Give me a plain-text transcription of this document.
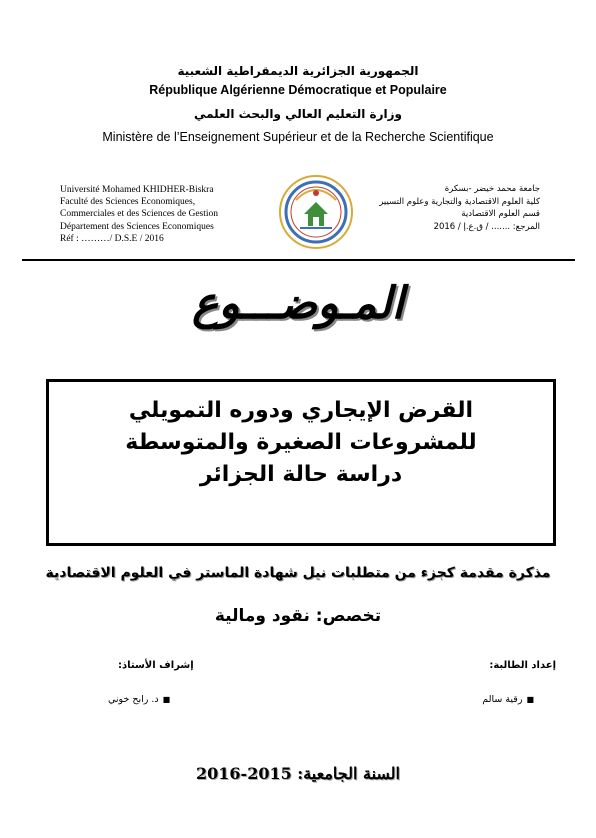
الجمهورية الجزائرية الديمقراطية الشعبية
République Algérienne Démocratique et Populaire
وزارة التعليم العالي والبحث العلمي
Ministère de l’Enseignement Supérieur et de la Recherche Scientifique
Université Mohamed KHIDHER-Biskra
Faculté des Sciences Economiques,
Commerciales et des Sciences de Gestion
Département des Sciences Economiques
Réf : ………/ D.S.E / 2016
جامعة محمد خيضر -بسكرة
كلية العلوم الاقتصادية والتجارية وعلوم التسيير
قسم العلوم الاقتصادية
المرجع: ....... / ق.ع.إ / 2016
المـوضـــوع
القرض الإيجاري ودوره التمويلي
للمشروعات الصغيرة والمتوسطة
دراسة حالة الجزائر
مذكرة مقدمة كجزء من متطلبات نيل شهادة الماستر في العلوم الاقتصادية
تخصص: نقود ومالية
إعداد الطالبة:
إشراف الأستاذ:
■رقية سالم
■د. رابح خوني
السنة الجامعية: 2015-2016
